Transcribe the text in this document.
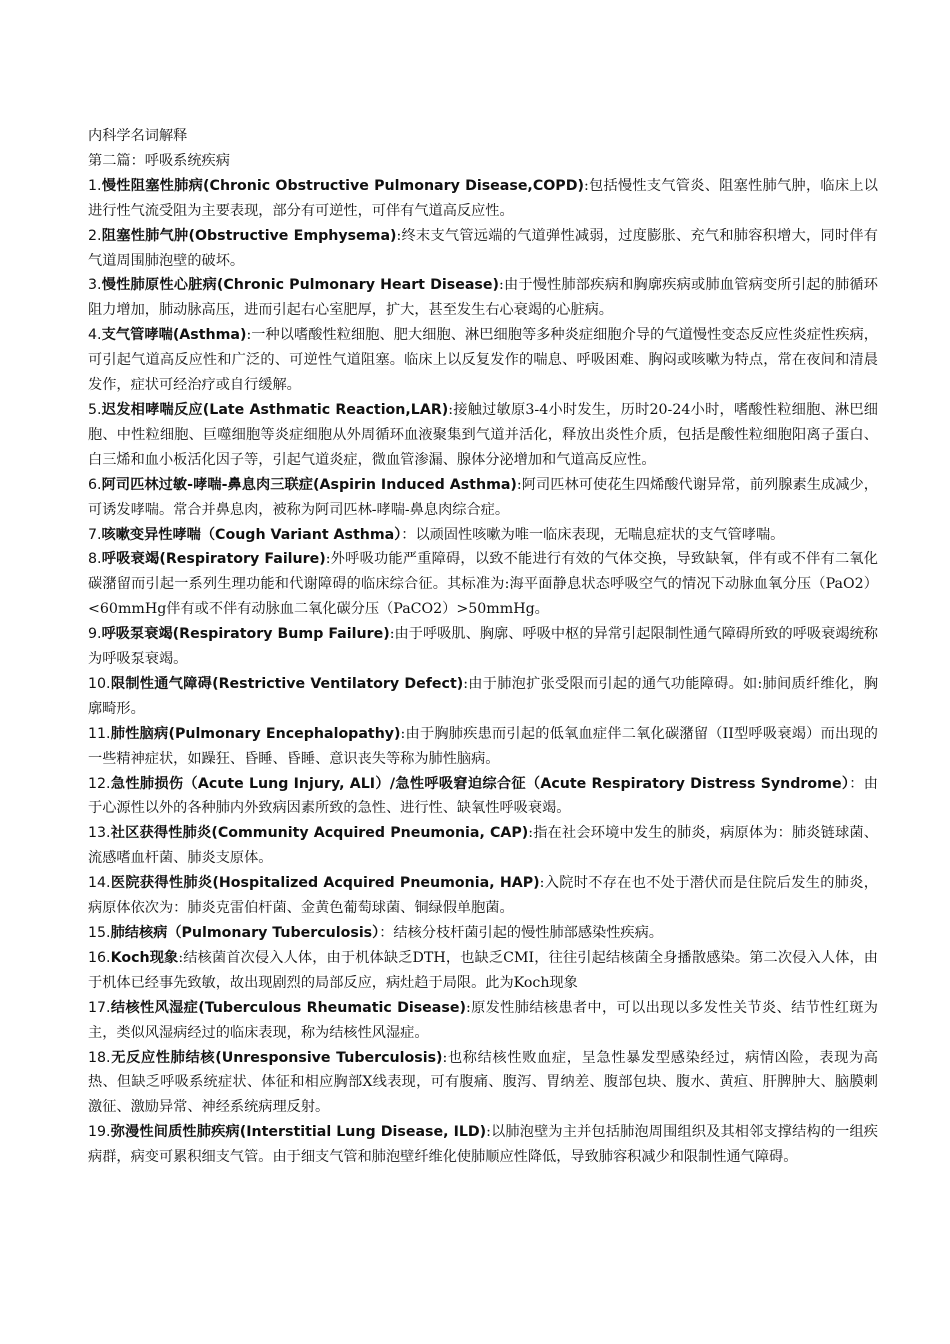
内科学名词解释

第二篇：呼吸系统疾病

1.慢性阻塞性肺病(Chronic Obstructive Pulmonary Disease,COPD):包括慢性支气管炎、阻塞性肺气肿，临床上以进行性气流受阻为主要表现，部分有可逆性，可伴有气道高反应性。
2.阻塞性肺气肿(Obstructive Emphysema):终末支气管远端的气道弹性减弱，过度膨胀、充气和肺容积增大，同时伴有气道周围肺泡壁的破坏。
3.慢性肺原性心脏病(Chronic Pulmonary Heart Disease):由于慢性肺部疾病和胸廓疾病或肺血管病变所引起的肺循环阻力增加，肺动脉高压，进而引起右心室肥厚，扩大，甚至发生右心衰竭的心脏病。
4.支气管哮喘(Asthma):一种以嗜酸性粒细胞、肥大细胞、淋巴细胞等多种炎症细胞介导的气道慢性变态反应性炎症性疾病，可引起气道高反应性和广泛的、可逆性气道阻塞。临床上以反复发作的喘息、呼吸困难、胸闷或咳嗽为特点，常在夜间和清晨发作，症状可经治疗或自行缓解。
5.迟发相哮喘反应(Late Asthmatic Reaction,LAR):接触过敏原3-4小时发生，历时20-24小时，嗜酸性粒细胞、淋巴细胞、中性粒细胞、巨噬细胞等炎症细胞从外周循环血液聚集到气道并活化，释放出炎性介质，包括是酸性粒细胞阳离子蛋白、白三烯和血小板活化因子等，引起气道炎症，微血管渗漏、腺体分泌增加和气道高反应性。
6.阿司匹林过敏-哮喘-鼻息肉三联症(Aspirin Induced Asthma):阿司匹林可使花生四烯酸代谢异常，前列腺素生成减少，可诱发哮喘。常合并鼻息肉，被称为阿司匹林-哮喘-鼻息肉综合症。
7.咳嗽变异性哮喘（Cough Variant Asthma）：以顽固性咳嗽为唯一临床表现，无喘息症状的支气管哮喘。
8.呼吸衰竭(Respiratory Failure):外呼吸功能严重障碍，以致不能进行有效的气体交换，导致缺氧，伴有或不伴有二氧化碳潴留而引起一系列生理功能和代谢障碍的临床综合征。其标准为:海平面静息状态呼吸空气的情况下动脉血氧分压（PaO2）<60mmHg伴有或不伴有动脉血二氧化碳分压（PaCO2）>50mmHg。
9.呼吸泵衰竭(Respiratory Bump Failure):由于呼吸肌、胸廓、呼吸中枢的异常引起限制性通气障碍所致的呼吸衰竭统称为呼吸泵衰竭。
10.限制性通气障碍(Restrictive Ventilatory Defect):由于肺泡扩张受限而引起的通气功能障碍。如:肺间质纤维化，胸廓畸形。
11.肺性脑病(Pulmonary Encephalopathy):由于胸肺疾患而引起的低氧血症伴二氧化碳潴留（II型呼吸衰竭）而出现的一些精神症状，如躁狂、昏睡、昏睡、意识丧失等称为肺性脑病。
12.急性肺损伤（Acute Lung Injury, ALI）/急性呼吸窘迫综合征（Acute Respiratory Distress Syndrome）：由于心源性以外的各种肺内外致病因素所致的急性、进行性、缺氧性呼吸衰竭。
13.社区获得性肺炎(Community Acquired Pneumonia, CAP):指在社会环境中发生的肺炎，病原体为：肺炎链球菌、流感嗜血杆菌、肺炎支原体。
14.医院获得性肺炎(Hospitalized Acquired Pneumonia, HAP):入院时不存在也不处于潜伏而是住院后发生的肺炎，病原体依次为：肺炎克雷伯杆菌、金黄色葡萄球菌、铜绿假单胞菌。
15.肺结核病（Pulmonary Tuberculosis）：结核分枝杆菌引起的慢性肺部感染性疾病。
16.Koch现象:结核菌首次侵入人体，由于机体缺乏DTH，也缺乏CMI，往往引起结核菌全身播散感染。第二次侵入人体，由于机体已经事先致敏，故出现剧烈的局部反应，病灶趋于局限。此为Koch现象
17.结核性风湿症(Tuberculous Rheumatic Disease):原发性肺结核患者中，可以出现以多发性关节炎、结节性红斑为主，类似风湿病经过的临床表现，称为结核性风湿症。
18.无反应性肺结核(Unresponsive Tuberculosis):也称结核性败血症，呈急性暴发型感染经过，病情凶险，表现为高热、但缺乏呼吸系统症状、体征和相应胸部X线表现，可有腹痛、腹泻、胃纳差、腹部包块、腹水、黄疸、肝脾肿大、脑膜刺激征、激励异常、神经系统病理反射。
19.弥漫性间质性肺疾病(Interstitial Lung Disease, ILD):以肺泡壁为主并包括肺泡周围组织及其相邻支撑结构的一组疾病群，病变可累积细支气管。由于细支气管和肺泡壁纤维化使肺顺应性降低，导致肺容积减少和限制性通气障碍。
